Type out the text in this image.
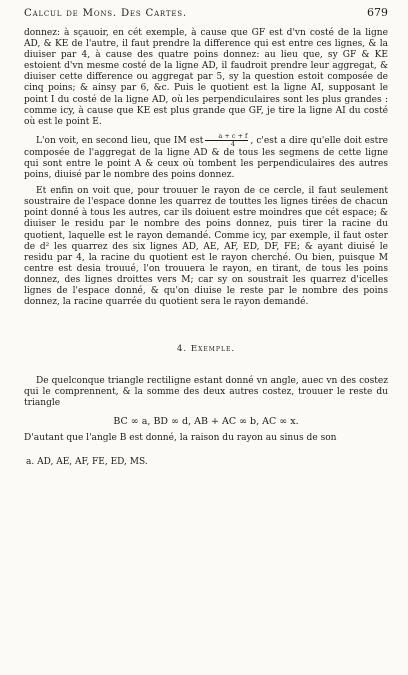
Calcul de Mons. Des Cartes.	679

donnez: à sçauoir, en cét exemple, à cause que GF est d'vn costé de la ligne AD, & KE de l'autre, il faut prendre la difference qui est entre ces lignes, & la diuiser par 4, à cause des quatre poins donnez: au lieu que, sy GF & KE estoient d'vn mesme costé de la ligne AD, il faudroit prendre leur aggregat, & diuiser cette difference ou aggregat par 5, sy la question estoit composée de cinq poins; & ainsy par 6, &c. Puis le quotient est la ligne AI, supposant le point I du costé de la ligne AD, où les perpendiculaires sont les plus grandes : comme icy, à cause que KE est plus grande que GF, je tire la ligne AI du costé où est le point E.

L'on voit, en second lieu, que IM est $\frac{a + c + f}{4}$ , c'est a dire qu'elle doit estre composée de l'aggregat de la ligne AD & de tous les segmens de cette ligne qui sont entre le point A & ceux où tombent les perpendiculaires des autres poins, diuisé par le nombre des poins donnez.

Et enfin on voit que, pour trouuer le rayon de ce cercle, il faut seulement soustraire de l'espace donne les quarrez de touttes les lignes tirées de chacun point donné à tous les autres, car ils doiuent estre moindres que cét espace; & diuiser le residu par le nombre des poins donnez, puis tirer la racine du quotient, laquelle est le rayon demandé. Comme icy, par exemple, il faut oster de d² les quarrez des six lignes AD, AE, AF, ED, DF, FE; & ayant diuisé le residu par 4, la racine du quotient est le rayon cherché. Ou bien, puisque M centre est desia trouué, l'on trouuera le rayon, en tirant, de tous les poins donnez, des lignes droittes vers M; car sy on soustrait les quarrez d'icelles lignes de l'espace donné, & qu'on diuise le reste par le nombre des poins donnez, la racine quarrée du quotient sera le rayon demandé.

4. Exemple.

De quelconque triangle rectiligne estant donné vn angle, auec vn des costez qui le comprennent, & la somme des deux autres costez, trouuer le reste du triangle

BC ∞ a, BD ∞ d, AB + AC ∞ b, AC ∞ x.

D'autant que l'angle B est donné, la raison du rayon au sinus de son

a. AD, AE, AF, FE, ED, MS.
